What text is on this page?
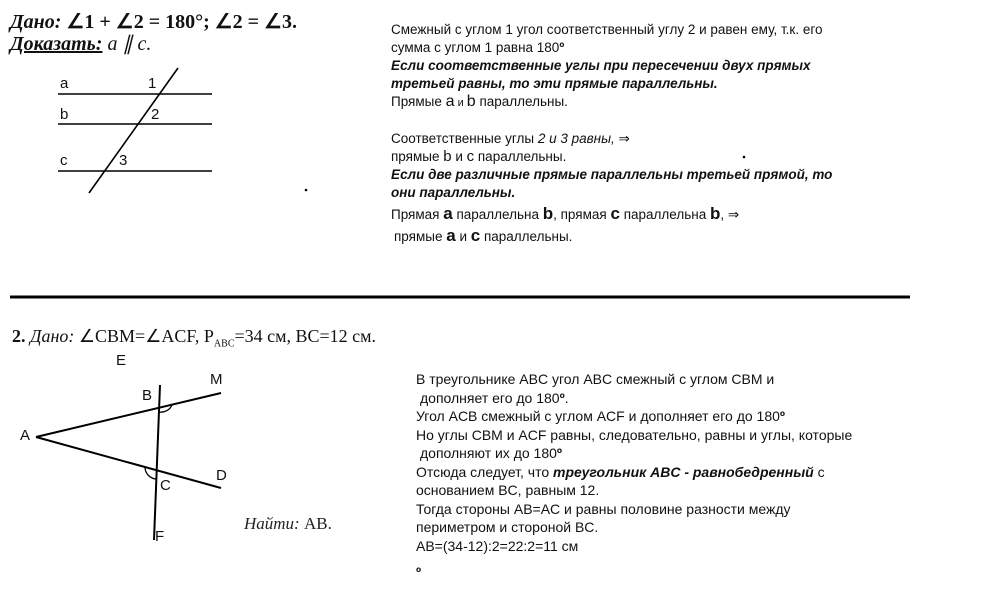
Дано: ∠1 + ∠2 = 180°; ∠2 = ∠3.
Доказать: a ∥ c.
a
b
c
1
2
3
Смежный с углом 1 угол соответственный углу 2 и равен ему, т.к. его
сумма с углом 1 равна 180º
Если соответственные углы при пересечении двух прямых
третьей равны, то эти прямые параллельны.
Прямые a и b параллельны.
Соответственные углы 2 и 3 равны, ⇒
прямые b и c параллельны.
Если две различные прямые параллельны третьей прямой, то
они параллельны.
Прямая a параллельна b, прямая c параллельна b, ⇒
прямые a и c параллельны.
2. Дано: ∠CBM=∠ACF, $P_{ABC}=34$ см, BC=12 см.
E
B
M
A
C
D
F
Найти: AB.
В треугольнике ABC угол ABC смежный с углом CBM и
дополняет его до 180º.
Угол ACB смежный с углом ACF и дополняет его до 180º
Но углы CBM и ACF равны, следовательно, равны и углы, которые
дополняют их до 180º
Отсюда следует, что треугольник ABC - равнобедренный с
основанием BC, равным 12.
Тогда стороны AB=AC и равны половине разности между
периметром и стороной BC.
AB=(34-12):2=22:2=11 см
º
